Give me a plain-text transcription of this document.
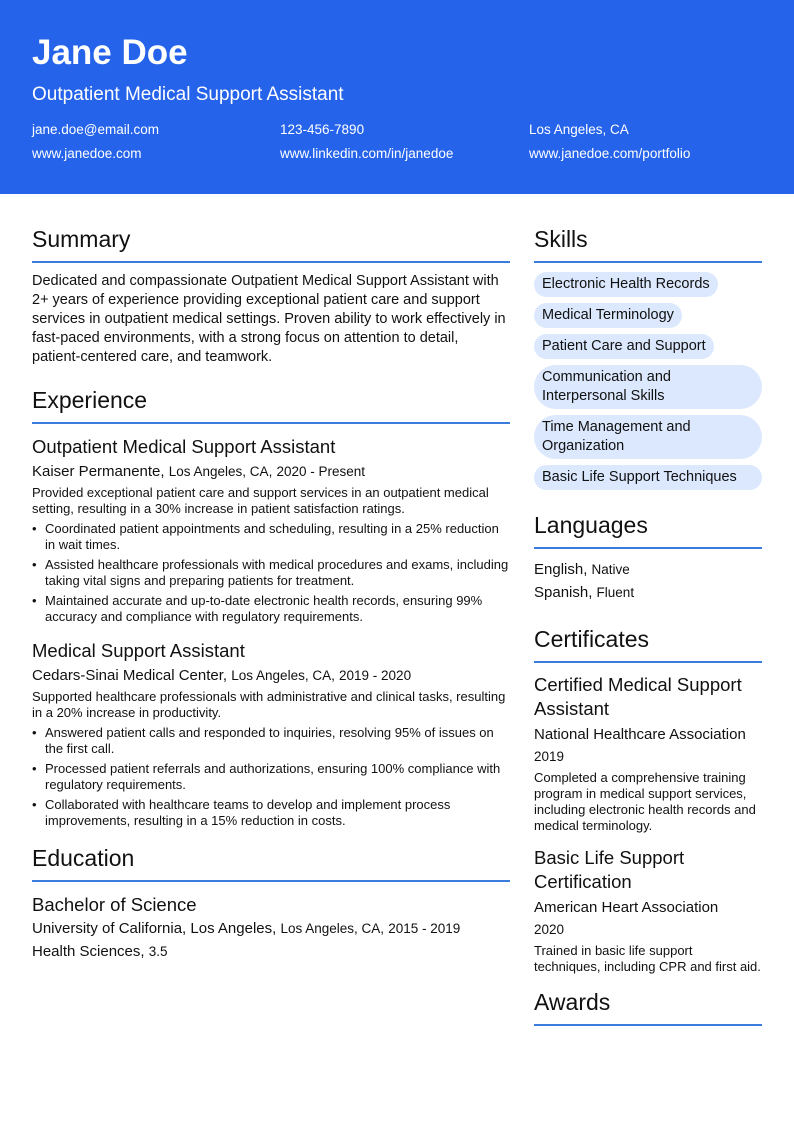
Jane Doe
Outpatient Medical Support Assistant
jane.doe@email.com	123-456-7890	Los Angeles, CA
www.janedoe.com	www.linkedin.com/in/janedoe	www.janedoe.com/portfolio
Summary

Dedicated and compassionate Outpatient Medical Support Assistant with 2+ years of experience providing exceptional patient care and support services in outpatient medical settings. Proven ability to work effectively in fast-paced environments, with a strong focus on attention to detail, patient-centered care, and teamwork.

Experience
Outpatient Medical Support Assistant
Kaiser Permanente, Los Angeles, CA, 2020 - Present
Provided exceptional patient care and support services in an outpatient medical setting, resulting in a 30% increase in patient satisfaction ratings.
• Coordinated patient appointments and scheduling, resulting in a 25% reduction in wait times.
• Assisted healthcare professionals with medical procedures and exams, including taking vital signs and preparing patients for treatment.
• Maintained accurate and up-to-date electronic health records, ensuring 99% accuracy and compliance with regulatory requirements.
Medical Support Assistant
Cedars-Sinai Medical Center, Los Angeles, CA, 2019 - 2020
Supported healthcare professionals with administrative and clinical tasks, resulting in a 20% increase in productivity.
• Answered patient calls and responded to inquiries, resolving 95% of issues on the first call.
• Processed patient referrals and authorizations, ensuring 100% compliance with regulatory requirements.
• Collaborated with healthcare teams to develop and implement process improvements, resulting in a 15% reduction in costs.
Education
Bachelor of Science
University of California, Los Angeles, Los Angeles, CA, 2015 - 2019
Health Sciences, 3.5
Skills
Electronic Health Records
Medical Terminology
Patient Care and Support
Communication and Interpersonal Skills
Time Management and Organization
Basic Life Support Techniques
Languages
English, Native
Spanish, Fluent
Certificates
Certified Medical Support Assistant
National Healthcare Association
2019
Completed a comprehensive training program in medical support services, including electronic health records and medical terminology.
Basic Life Support Certification
American Heart Association
2020
Trained in basic life support techniques, including CPR and first aid.
Awards
